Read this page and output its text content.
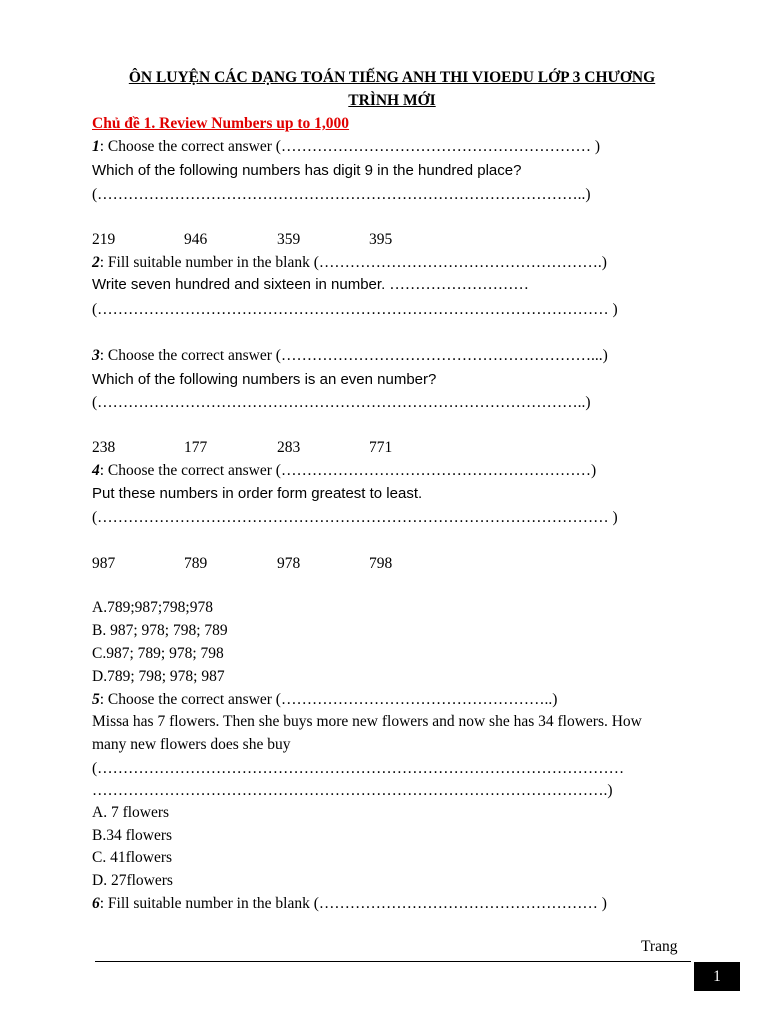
ÔN LUYỆN CÁC DẠNG TOÁN TIẾNG ANH THI VIOEDU LỚP 3 CHƯƠNG
TRÌNH MỚI
Chủ đề 1. Review Numbers up to 1,000
1: Choose the correct answer (…………………………………………………… )
Which of the following numbers has digit 9 in the hundred place?
(…………………………………………………………………………………..)
219	946	359	395
2: Fill suitable number in the blank (……………………………………………….)
Write seven hundred and sixteen in number. ………………………
(……………………………………………………………………………………… )
3: Choose the correct answer (……………………………………………………...)
Which of the following numbers is an even number?
(…………………………………………………………………………………..)
238	177	283	771
4: Choose the correct answer (……………………………………………………)
Put these numbers in order form greatest to least.
(……………………………………………………………………………………… )
987	789	978	798
A.789;987;798;978
B. 987; 978; 798; 789
C.987; 789; 978; 798
D.789; 798; 978; 987
5: Choose the correct answer (……………………………………………..)
Missa has 7 flowers. Then she buys more new flowers and now she has 34 flowers. How
many new flowers does she buy
(…………………………………………………………………………………………
……………………………………………………………………………………….)
A. 7 flowers
B.34 flowers
C. 41flowers
D. 27flowers
6: Fill suitable number in the blank (……………………………………………… )
Trang
1
